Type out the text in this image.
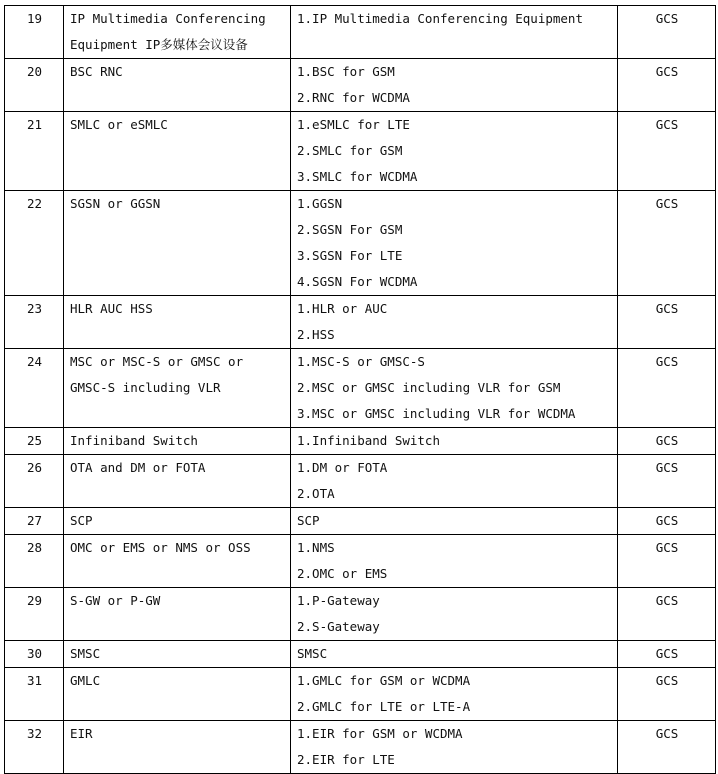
19	IP Multimedia Conferencing
Equipment IP多媒体会议设备	1.IP Multimedia Conferencing Equipment	GCS
20	BSC RNC	1.BSC for GSM
2.RNC for WCDMA	GCS
21	SMLC or eSMLC	1.eSMLC for LTE
2.SMLC for GSM
3.SMLC for WCDMA	GCS
22	SGSN or GGSN	1.GGSN
2.SGSN For GSM
3.SGSN For LTE
4.SGSN For WCDMA	GCS
23	HLR AUC HSS	1.HLR or AUC
2.HSS	GCS
24	MSC or MSC-S or GMSC or
GMSC-S including VLR	1.MSC-S or GMSC-S
2.MSC or GMSC including VLR for GSM
3.MSC or GMSC including VLR for WCDMA	GCS
25	Infiniband Switch	1.Infiniband Switch	GCS
26	OTA and DM or FOTA	1.DM or FOTA
2.OTA	GCS
27	SCP	SCP	GCS
28	OMC or EMS or NMS or OSS	1.NMS
2.OMC or EMS	GCS
29	S-GW or P-GW	1.P-Gateway
2.S-Gateway	GCS
30	SMSC	SMSC	GCS
31	GMLC	1.GMLC for GSM or WCDMA
2.GMLC for LTE or LTE-A	GCS
32	EIR	1.EIR for GSM or WCDMA
2.EIR for LTE	GCS
